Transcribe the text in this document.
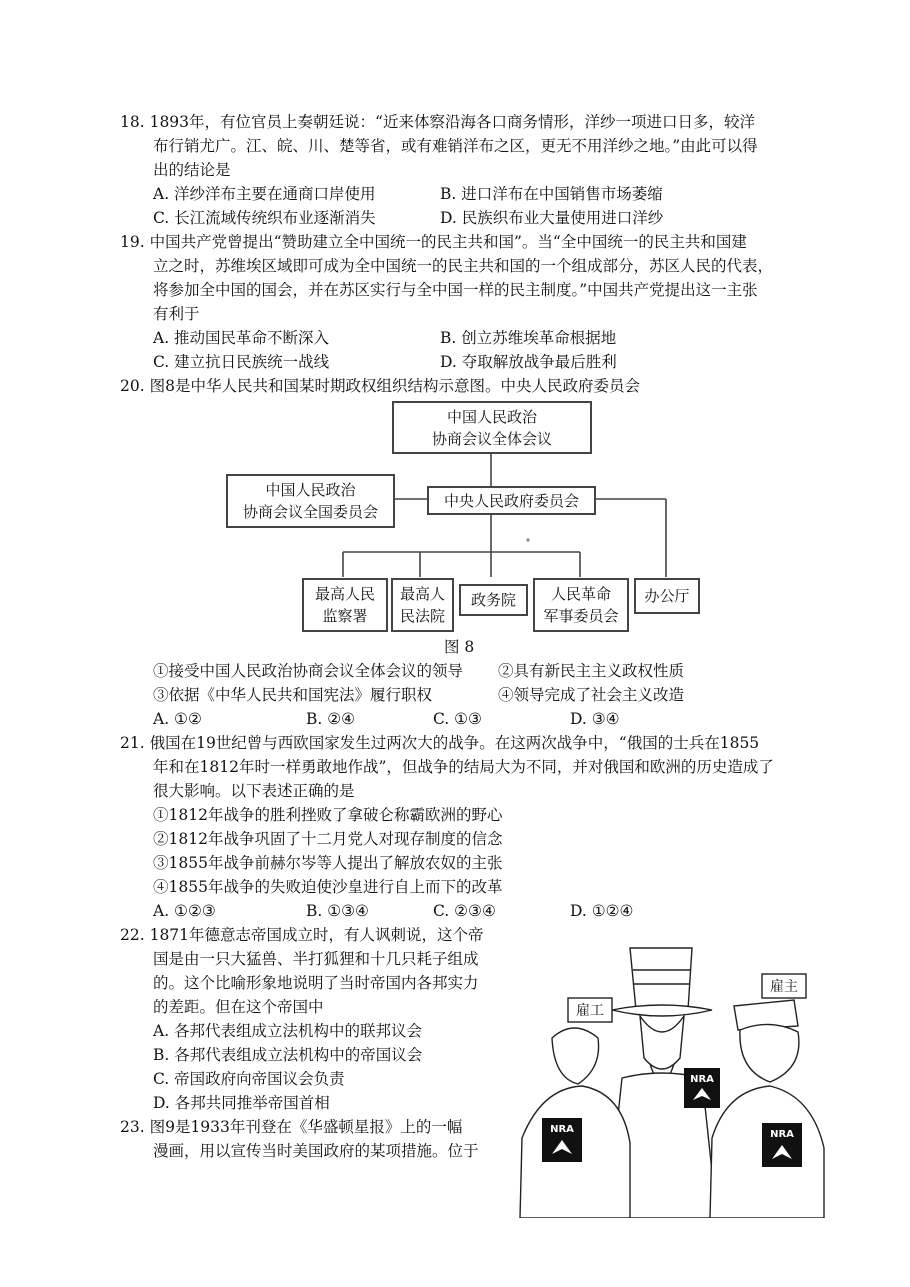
18. 1893年，有位官员上奏朝廷说：“近来体察沿海各口商务情形，洋纱一项进口日多，较洋
布行销尤广。江、皖、川、楚等省，或有难销洋布之区，更无不用洋纱之地。”由此可以得
出的结论是
A. 洋纱洋布主要在通商口岸使用	B. 进口洋布在中国销售市场萎缩
C. 长江流域传统织布业逐渐消失	D. 民族织布业大量使用进口洋纱
19. 中国共产党曾提出“赞助建立全中国统一的民主共和国”。当“全中国统一的民主共和国建
立之时，苏维埃区域即可成为全中国统一的民主共和国的一个组成部分，苏区人民的代表，
将参加全中国的国会，并在苏区实行与全中国一样的民主制度。”中国共产党提出这一主张
有利于
A. 推动国民革命不断深入	B. 创立苏维埃革命根据地
C. 建立抗日民族统一战线	D. 夺取解放战争最后胜利
20. 图8是中华人民共和国某时期政权组织结构示意图。中央人民政府委员会
中国人民政治
协商会议全体会议
中国人民政治
协商会议全国委员会
中央人民政府委员会
最高人民
监察署
最高人
民法院
政务院 人民革命
军事委员会
办公厅
图 8
①接受中国人民政治协商会议全体会议的领导 ②具有新民主主义政权性质
③依据《中华人民共和国宪法》履行职权	④领导完成了社会主义改造
A. ①②	B. ②④	C. ①③	D. ③④
21. 俄国在19世纪曾与西欧国家发生过两次大的战争。在这两次战争中，“俄国的士兵在1855
年和在1812年时一样勇敢地作战”，但战争的结局大为不同，并对俄国和欧洲的历史造成了
很大影响。以下表述正确的是
①1812年战争的胜利挫败了拿破仑称霸欧洲的野心
②1812年战争巩固了十二月党人对现存制度的信念
③1855年战争前赫尔岑等人提出了解放农奴的主张
④1855年战争的失败迫使沙皇进行自上而下的改革
A. ①②③	B. ①③④	C. ②③④	D. ①②④
22. 1871年德意志帝国成立时，有人讽刺说，这个帝
国是由一只大猛兽、半打狐狸和十几只耗子组成
的。这个比喻形象地说明了当时帝国内各邦实力
的差距。但在这个帝国中
A. 各邦代表组成立法机构中的联邦议会
B. 各邦代表组成立法机构中的帝国议会
C. 帝国政府向帝国议会负责
D. 各邦共同推举帝国首相
23. 图9是1933年刊登在《华盛顿星报》上的一幅
漫画，用以宣传当时美国政府的某项措施。位于
NRA
NRA
NRA
雇工
雇主
